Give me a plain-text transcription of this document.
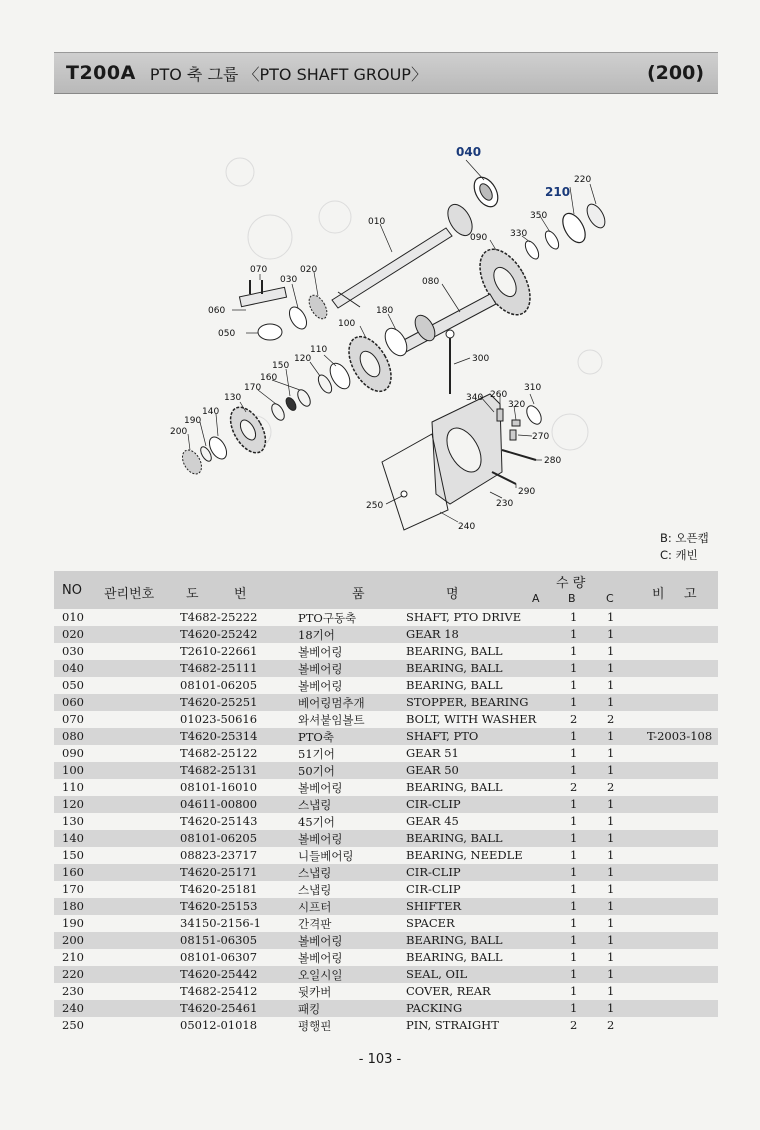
T200A PTO 축 그룹 〈PTO SHAFT GROUP〉	(200)
040
210
220
010
350
330
090
070	020
030	080
060	180
050
100
110
120
150
160
300
170
130
140
190
200
310
340 260
320
270
280
290
230
250
240
B: 오픈캡
C: 캐빈
NO 관리번호 도	번	품	명
수 량
A	B	C	비 고
010	T4682-25222	PTO구동축	SHAFT, PTO DRIVE	1	1
020	T4620-25242	18기어	GEAR 18	1	1
030	T2610-22661	볼베어링	BEARING, BALL	1	1
040	T4682-25111	볼베어링	BEARING, BALL	1	1
050	08101-06205	볼베어링	BEARING, BALL	1	1
060	T4620-25251	베어링멈추개	STOPPER, BEARING	1	1
070	01023-50616	와셔붙임볼트	BOLT, WITH WASHER	2	2
080	T4620-25314	PTO축	SHAFT, PTO	1	1	T-2003-108
090	T4682-25122	51기어	GEAR 51	1	1
100	T4682-25131	50기어	GEAR 50	1	1
110	08101-16010	볼베어링	BEARING, BALL	2	2
120	04611-00800	스냅링	CIR-CLIP	1	1
130	T4620-25143	45기어	GEAR 45	1	1
140	08101-06205	볼베어링	BEARING, BALL	1	1
150	08823-23717	니들베어링	BEARING, NEEDLE	1	1
160	T4620-25171	스냅링	CIR-CLIP	1	1
170	T4620-25181	스냅링	CIR-CLIP	1	1
180	T4620-25153	시프터	SHIFTER	1	1
190	34150-2156-1	간격판	SPACER	1	1
200	08151-06305	볼베어링	BEARING, BALL	1	1
210	08101-06307	볼베어링	BEARING, BALL	1	1
220	T4620-25442	오일시일	SEAL, OIL	1	1
230	T4682-25412	뒷카버	COVER, REAR	1	1
240	T4620-25461	패킹	PACKING	1	1
250	05012-01018	평행핀	PIN, STRAIGHT	2	2
- 103 -
